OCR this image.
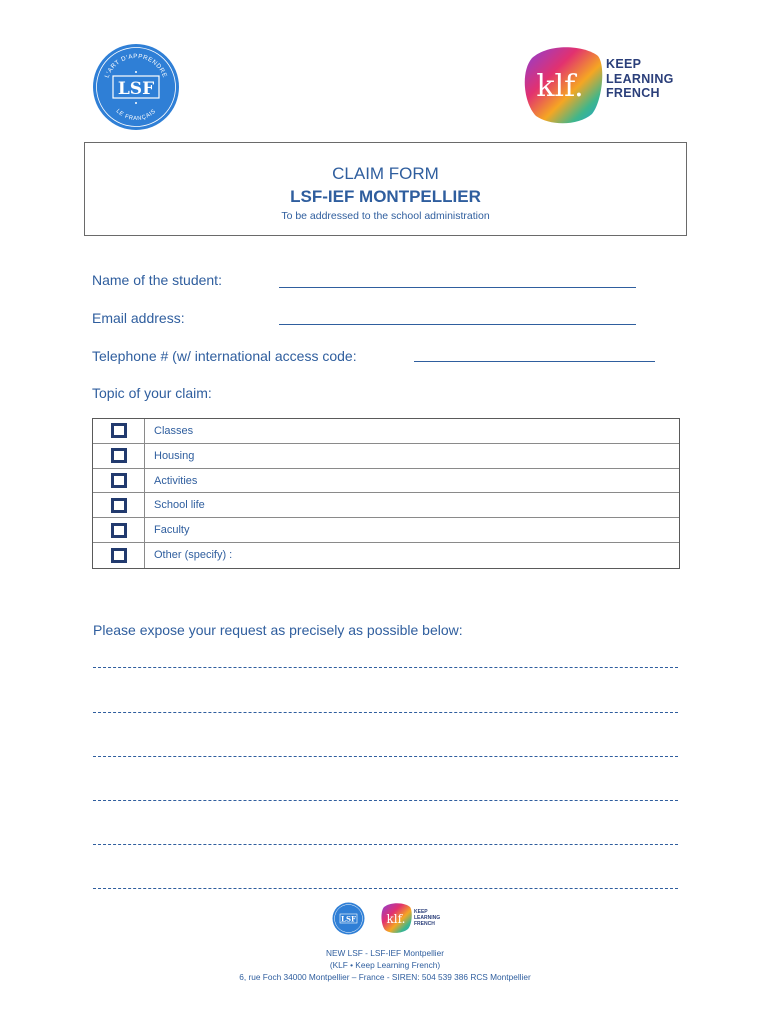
L'ART D'APPRENDRE
LE FRANÇAIS
LSF	klf.
KEEP
LEARNING
FRENCH
CLAIM FORM
LSF-IEF MONTPELLIER
To be addressed to the school administration
Name of the student:
Email address:
Telephone # (w/ international access code:
Topic of your claim:
Classes
Housing
Activities
School life
Faculty
Other (specify) :
Please expose your request as precisely as possible below:
LSF	klf. KEEP
LEARNING
FRENCH
NEW LSF - LSF-IEF Montpellier
(KLF • Keep Learning French)
6, rue Foch 34000 Montpellier – France - SIREN: 504 539 386 RCS Montpellier
